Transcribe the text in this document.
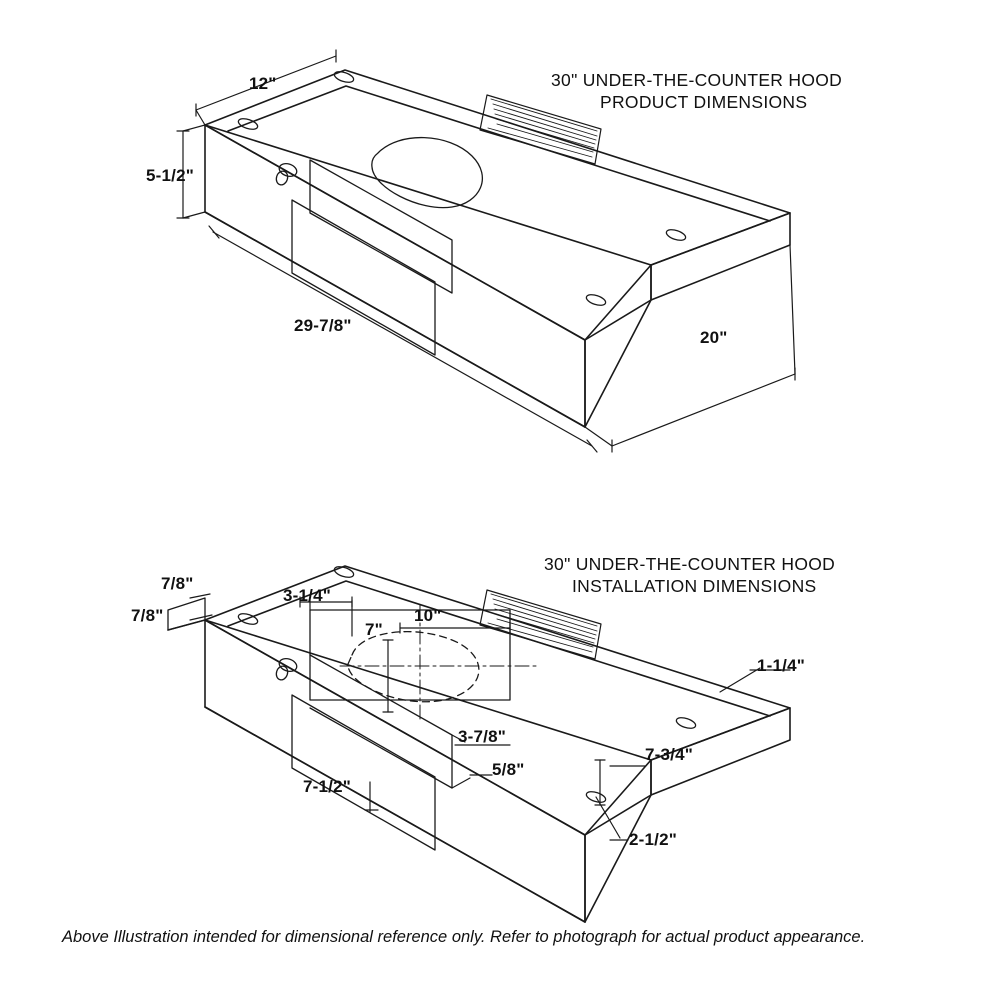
30" UNDER-THE-COUNTER HOOD
PRODUCT DIMENSIONS
12"
5-1/2"
29-7/8"
20"
30" UNDER-THE-COUNTER HOOD
INSTALLATION DIMENSIONS
7/8"
7/8"
3-1/4"
7"
10"
1-1/4"
3-7/8"
5/8"
7-3/4"
7-1/2"
2-1/2"
Above Illustration intended for dimensional reference only. Refer to photograph for actual product appearance.
